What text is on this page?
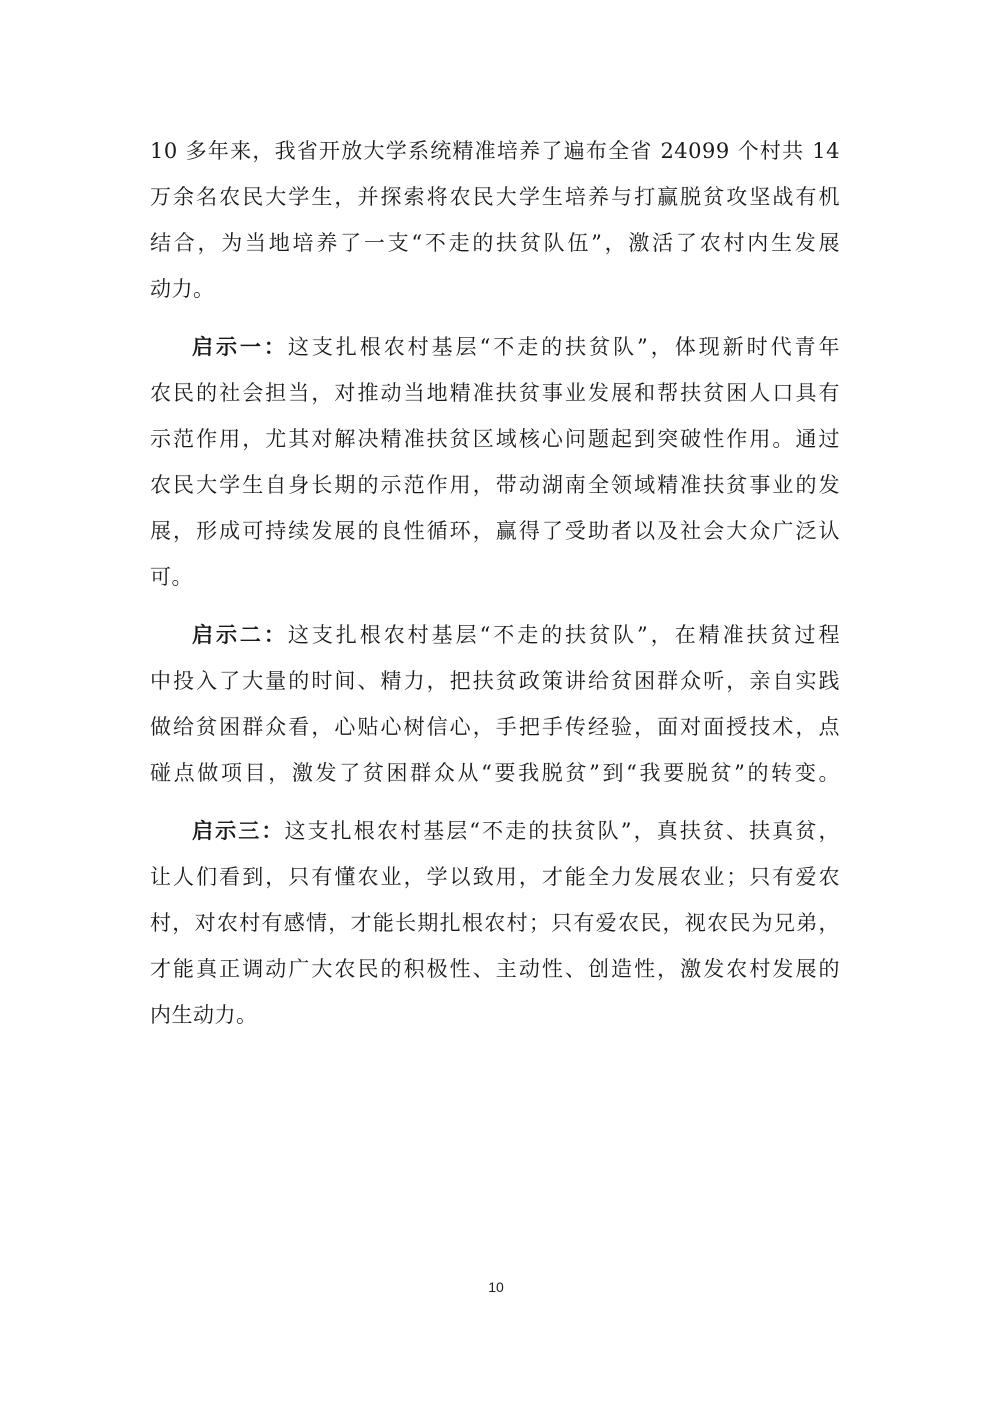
10 多年来，我省开放大学系统精准培养了遍布全省 24099 个村共 14
万余名农民大学生，并探索将农民大学生培养与打赢脱贫攻坚战有机
结合，为当地培养了一支“不走的扶贫队伍”，激活了农村内生发展
动力。
启示一：这支扎根农村基层“不走的扶贫队”，体现新时代青年
农民的社会担当，对推动当地精准扶贫事业发展和帮扶贫困人口具有
示范作用，尤其对解决精准扶贫区域核心问题起到突破性作用。通过
农民大学生自身长期的示范作用，带动湖南全领域精准扶贫事业的发
展，形成可持续发展的良性循环，赢得了受助者以及社会大众广泛认
可。
启示二：这支扎根农村基层“不走的扶贫队”，在精准扶贫过程
中投入了大量的时间、精力，把扶贫政策讲给贫困群众听，亲自实践
做给贫困群众看，心贴心树信心，手把手传经验，面对面授技术，点
碰点做项目，激发了贫困群众从“要我脱贫”到“我要脱贫”的转变。
启示三：这支扎根农村基层“不走的扶贫队”，真扶贫、扶真贫，
让人们看到，只有懂农业，学以致用，才能全力发展农业；只有爱农
村，对农村有感情，才能长期扎根农村；只有爱农民，视农民为兄弟，
才能真正调动广大农民的积极性、主动性、创造性，激发农村发展的
内生动力。
10
